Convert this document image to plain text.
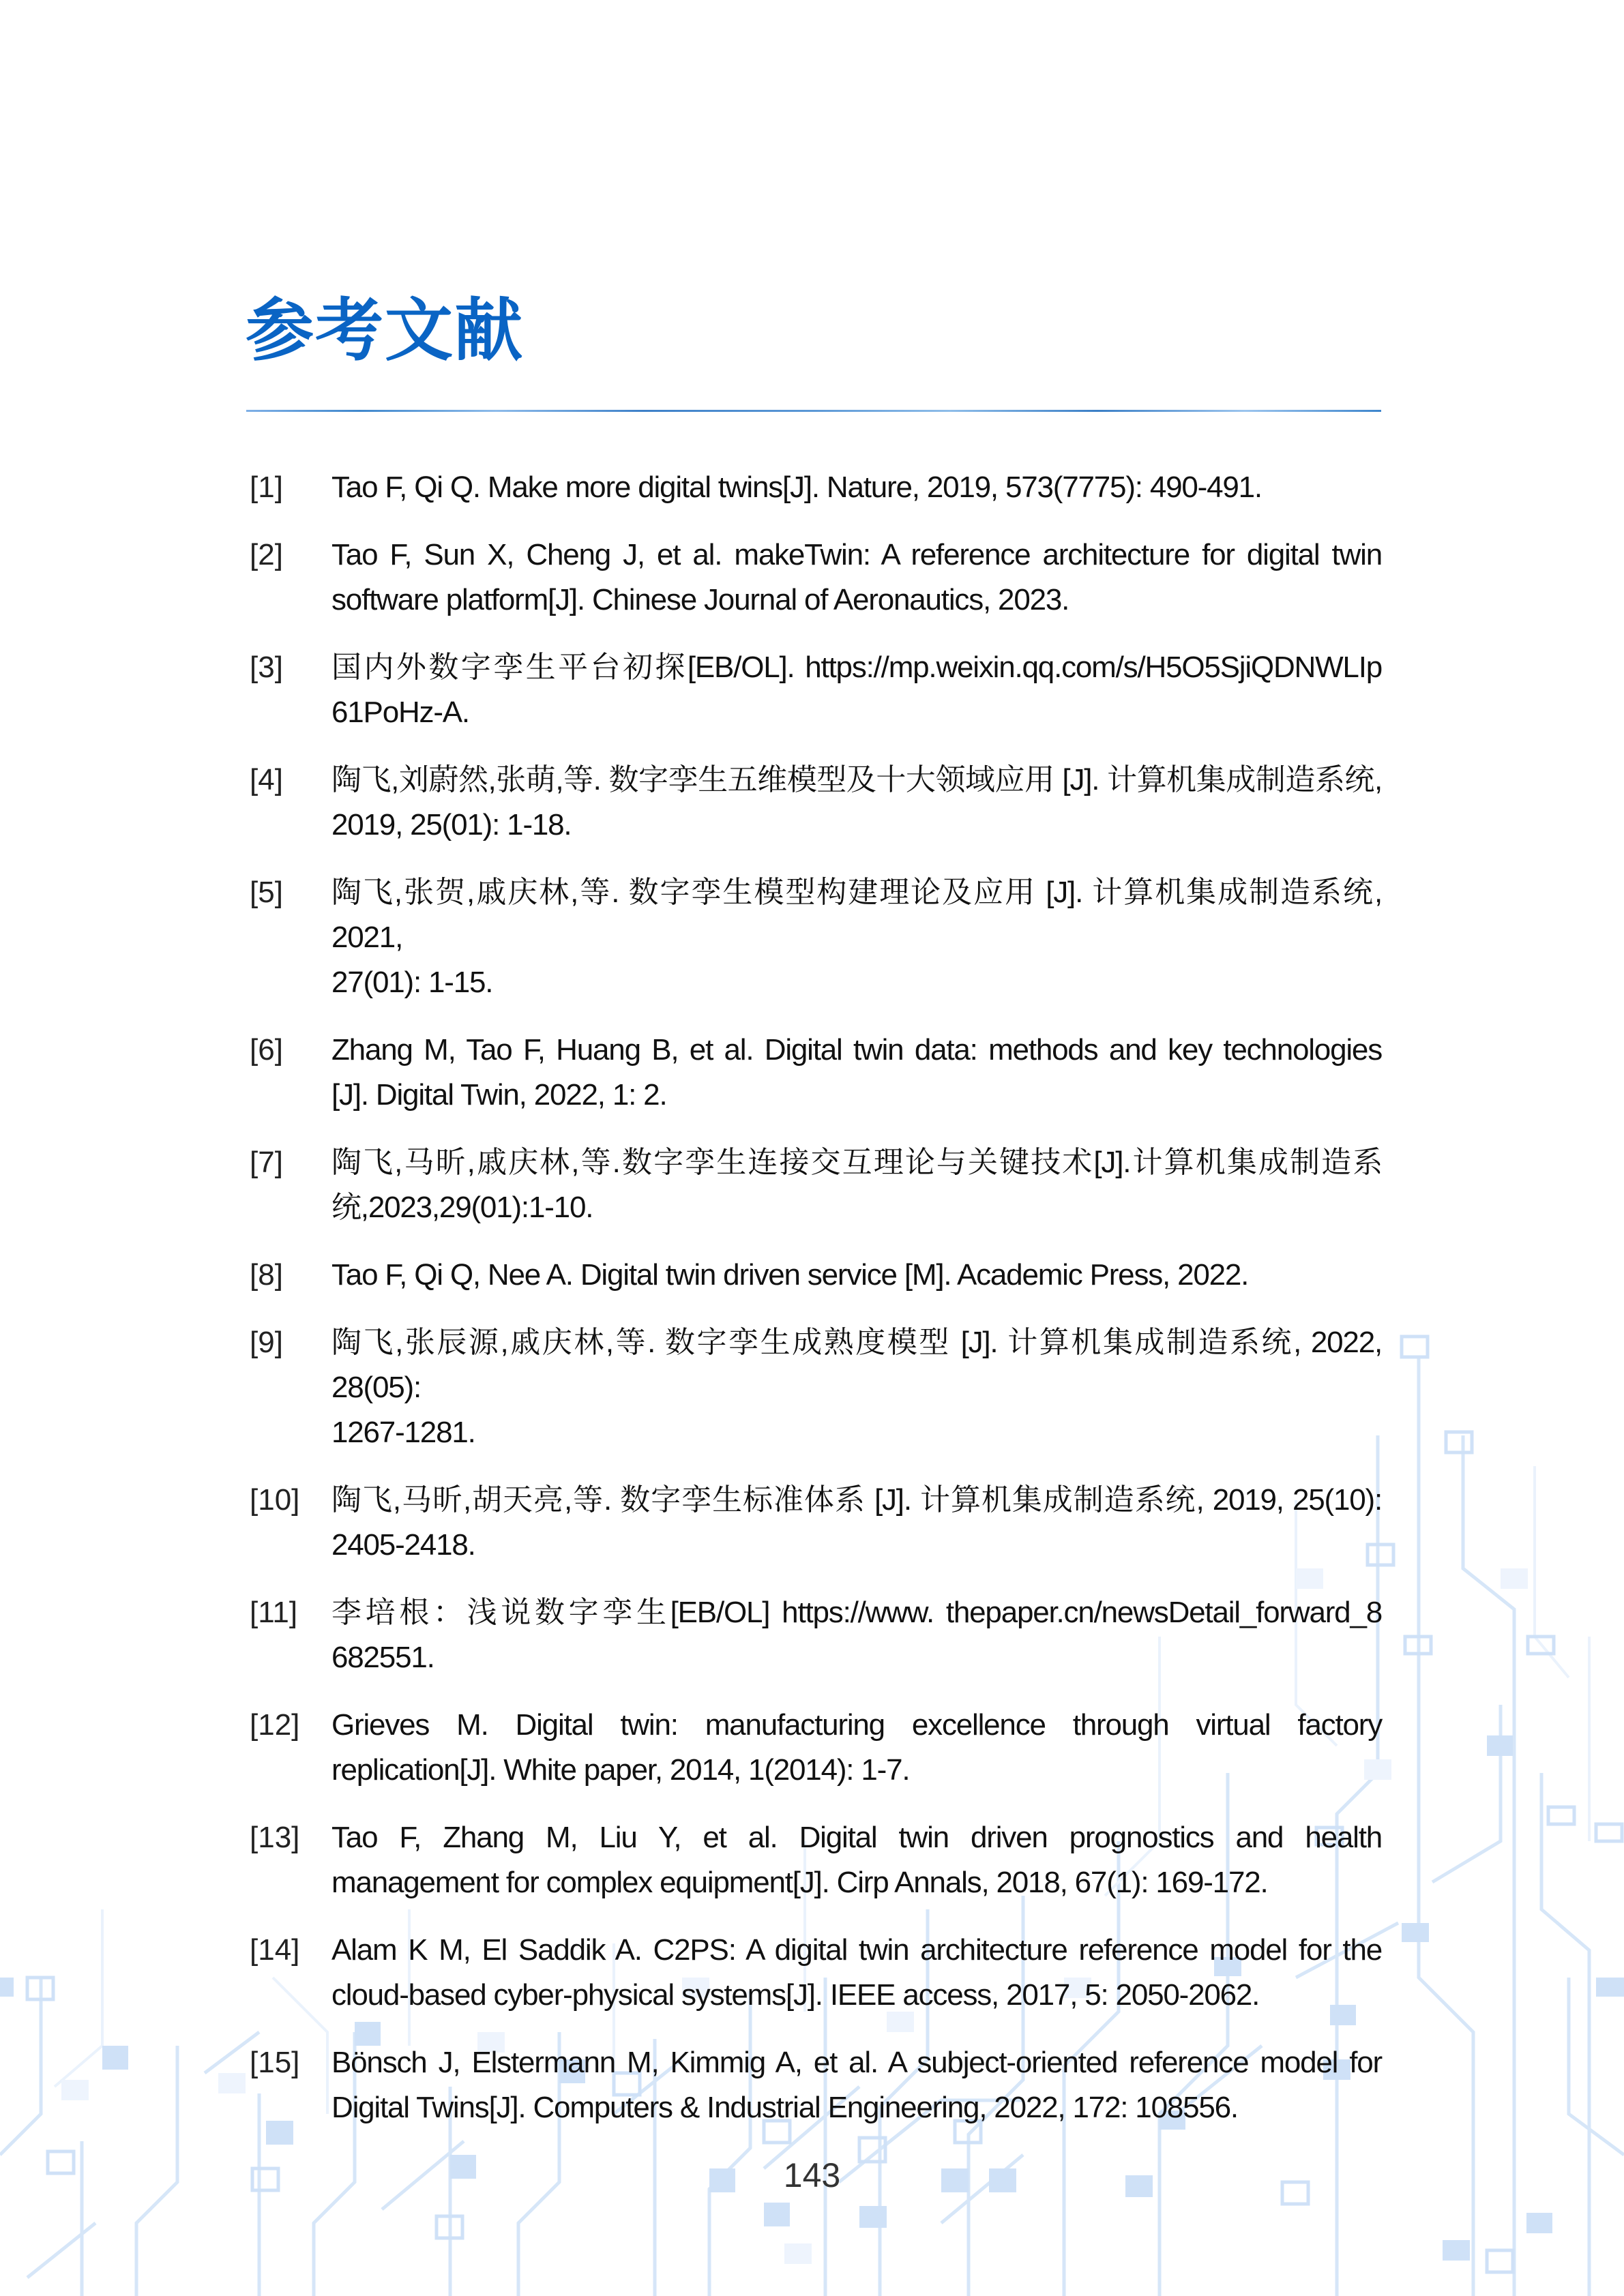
参考文献
[1] Tao F, Qi Q. Make more digital twins[J]. Nature, 2019, 573(7775): 490-491.
[2] Tao F, Sun X, Cheng J, et al. makeTwin: A reference architecture for digital twin
software platform[J]. Chinese Journal of Aeronautics, 2023.
[3] 国内外数字孪生平台初探[EB/OL]. https://mp.weixin.qq.com/s/H5O5SjiQDNWLIp
61PoHz-A.
[4] 陶飞,刘蔚然,张萌,等. 数字孪生五维模型及十大领域应用 [J]. 计算机集成制造系统,
2019, 25(01): 1-18.
[5] 陶飞,张贺,戚庆林,等. 数字孪生模型构建理论及应用 [J]. 计算机集成制造系统, 2021,
27(01): 1-15.
[6] Zhang M, Tao F, Huang B, et al. Digital twin data: methods and key technologies
[J]. Digital Twin, 2022, 1: 2.
[7] 陶飞,马昕,戚庆林,等.数字孪生连接交互理论与关键技术[J].计算机集成制造系
统,2023,29(01):1-10.
[8] Tao F, Qi Q, Nee A. Digital twin driven service [M]. Academic Press, 2022.
[9] 陶飞,张辰源,戚庆林,等. 数字孪生成熟度模型 [J]. 计算机集成制造系统, 2022, 28(05):
1267-1281.
[10] 陶飞,马昕,胡天亮,等. 数字孪生标准体系 [J]. 计算机集成制造系统, 2019, 25(10):
2405-2418.
[11] 李培根：浅说数字孪生[EB/OL] https://www. thepaper.cn/newsDetail_forward_8
682551.
[12] Grieves M. Digital twin: manufacturing excellence through virtual factory
replication[J]. White paper, 2014, 1(2014): 1-7.
[13] Tao F, Zhang M, Liu Y, et al. Digital twin driven prognostics and health
management for complex equipment[J]. Cirp Annals, 2018, 67(1): 169-172.
[14] Alam K M, El Saddik A. C2PS: A digital twin architecture reference model for the
cloud-based cyber-physical systems[J]. IEEE access, 2017, 5: 2050-2062.
[15] Bönsch J, Elstermann M, Kimmig A, et al. A subject-oriented reference model for
Digital Twins[J]. Computers & Industrial Engineering, 2022, 172: 108556.
143
